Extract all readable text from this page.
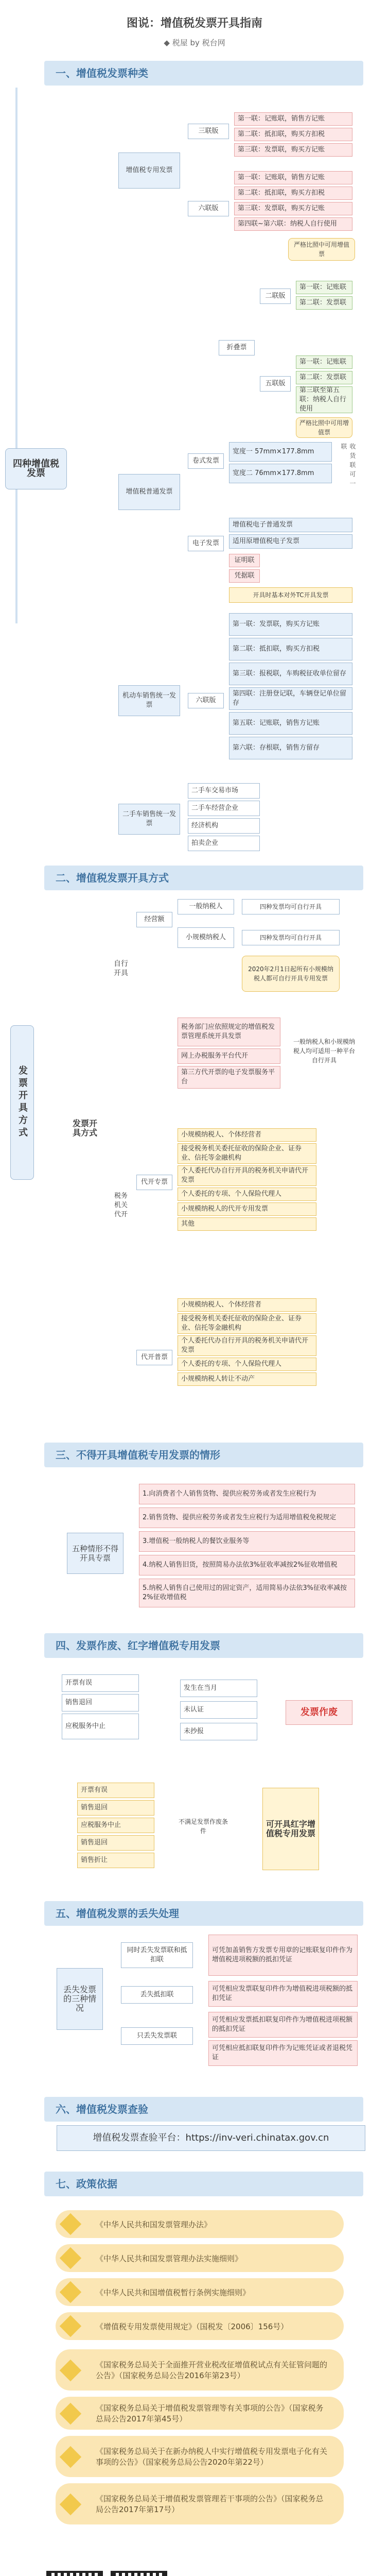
图说：增值税发票开具指南
◆ 税屋 by 税台网
一、增值税发票种类
四种增值税发票
增值税专用发票
三联版
第一联：记账联，销售方记账
第二联：抵扣联，购买方扣税
第三联：发票联，购买方记账
六联版
第一联：记账联，销售方记账
第二联：抵扣联，购买方扣税
第三联：发票联，购买方记账
第四联~第六联：纳税人自行使用
严格比照中可用增值票
增值税普通发票
折叠票
二联版
第一联：记账联
第二联：发票联
五联版
第一联：记账联
第二联：发票联
第三联至第五联：纳税人自行使用
严格比照中可用增值票
卷式发票
宽度一 57mm×177.8mm
宽度二 76mm×177.8mm	收货联可一联
电子发票
增值税电子普通发票
适用原增值税电子发票
证明联
凭据联
开具时基本对外TC开具发票
机动车销售统一发票
六联版
第一联：发票联，购买方记账
第二联：抵扣联，购买方扣税
第三联：报税联，车购税征收单位留存
第四联：注册登记联，车辆登记单位留存
第五联：记账联，销售方记账
第六联：存根联，销售方留存
二手车销售统一发票
二手车交易市场
二手车经营企业
经济机构
拍卖企业
二、增值税发票开具方式
发票开具方式	发票开具方式
自行开具
经营额
一般纳税人	四种发票均可自行开具
小规模纳税人	四种发票均可自行开具
2020年2月1日起所有小规模纳税人都可自行开具专用发票
税务机关代开
税务部门应依照规定的增值税发票管理系统开具发票
网上办税服务平台代开
第三方代开票的电子发票服务平台
一般纳税人和小规模纳税人均可适用一种平台自行开具
代开专票
小规模纳税人、个体经营者
接受税务机关委托征收的保险企业、证券业、信托等金融机构
个人委托代办自行开具的税务机关申请代开发票
个人委托的专项、个人保险代理人
小规模纳税人的代开专用发票
其他
代开普票
小规模纳税人、个体经营者
接受税务机关委托征收的保险企业、证券业、信托等金融机构
个人委托代办自行开具的税务机关申请代开发票
个人委托的专项、个人保险代理人
小规模纳税人转让不动产
三、不得开具增值税专用发票的情形
五种情形不得开具专票
1.向消费者个人销售货物、提供应税劳务或者发生应税行为
2.销售货物、提供应税劳务或者发生应税行为适用增值税免税规定
3.增值税一般纳税人的餐饮业服务等
4.纳税人销售旧货，按照简易办法依3%征收率减按2%征收增值税
5.纳税人销售自己使用过的固定资产，适用简易办法依3%征收率减按2%征收增值税
四、发票作废、红字增值税专用发票
开票有误
销售退回
应税服务中止
发生在当月
未认证
未抄报
发票作废
开票有误
销售退回
应税服务中止
销售退回
销售折让
不满足发票作废条件
可开具红字增值税专用发票
五、增值税发票的丢失处理
丢失发票的三种情况
同时丢失发票联和抵扣联
丢失抵扣联
只丢失发票联
可凭加盖销售方发票专用章的记账联复印件作为增值税进项税额的抵扣凭证
可凭相应发票联复印件作为增值税进项税额的抵扣凭证
可凭相应发票抵扣联复印件作为增值税进项税额的抵扣凭证
可凭相应抵扣联复印件作为记账凭证或者退税凭证
六、增值税发票查验
增值税发票查验平台：https://inv-veri.chinatax.gov.cn
七、政策依据
《中华人民共和国发票管理办法》
《中华人民共和国发票管理办法实施细则》
《中华人民共和国增值税暂行条例实施细则》
《增值税专用发票使用规定》（国税发〔2006〕156号）
《国家税务总局关于全面推开营业税改征增值税试点有关征管问题的公告》（国家税务总局公告2016年第23号）
《国家税务总局关于增值税发票管理等有关事项的公告》（国家税务总局公告2017年第45号）
《国家税务总局关于在新办纳税人中实行增值税专用发票电子化有关事项的公告》（国家税务总局公告2020年第22号）
《国家税务总局关于增值税发票管理若干事项的公告》（国家税务总局公告2017年第17号）
